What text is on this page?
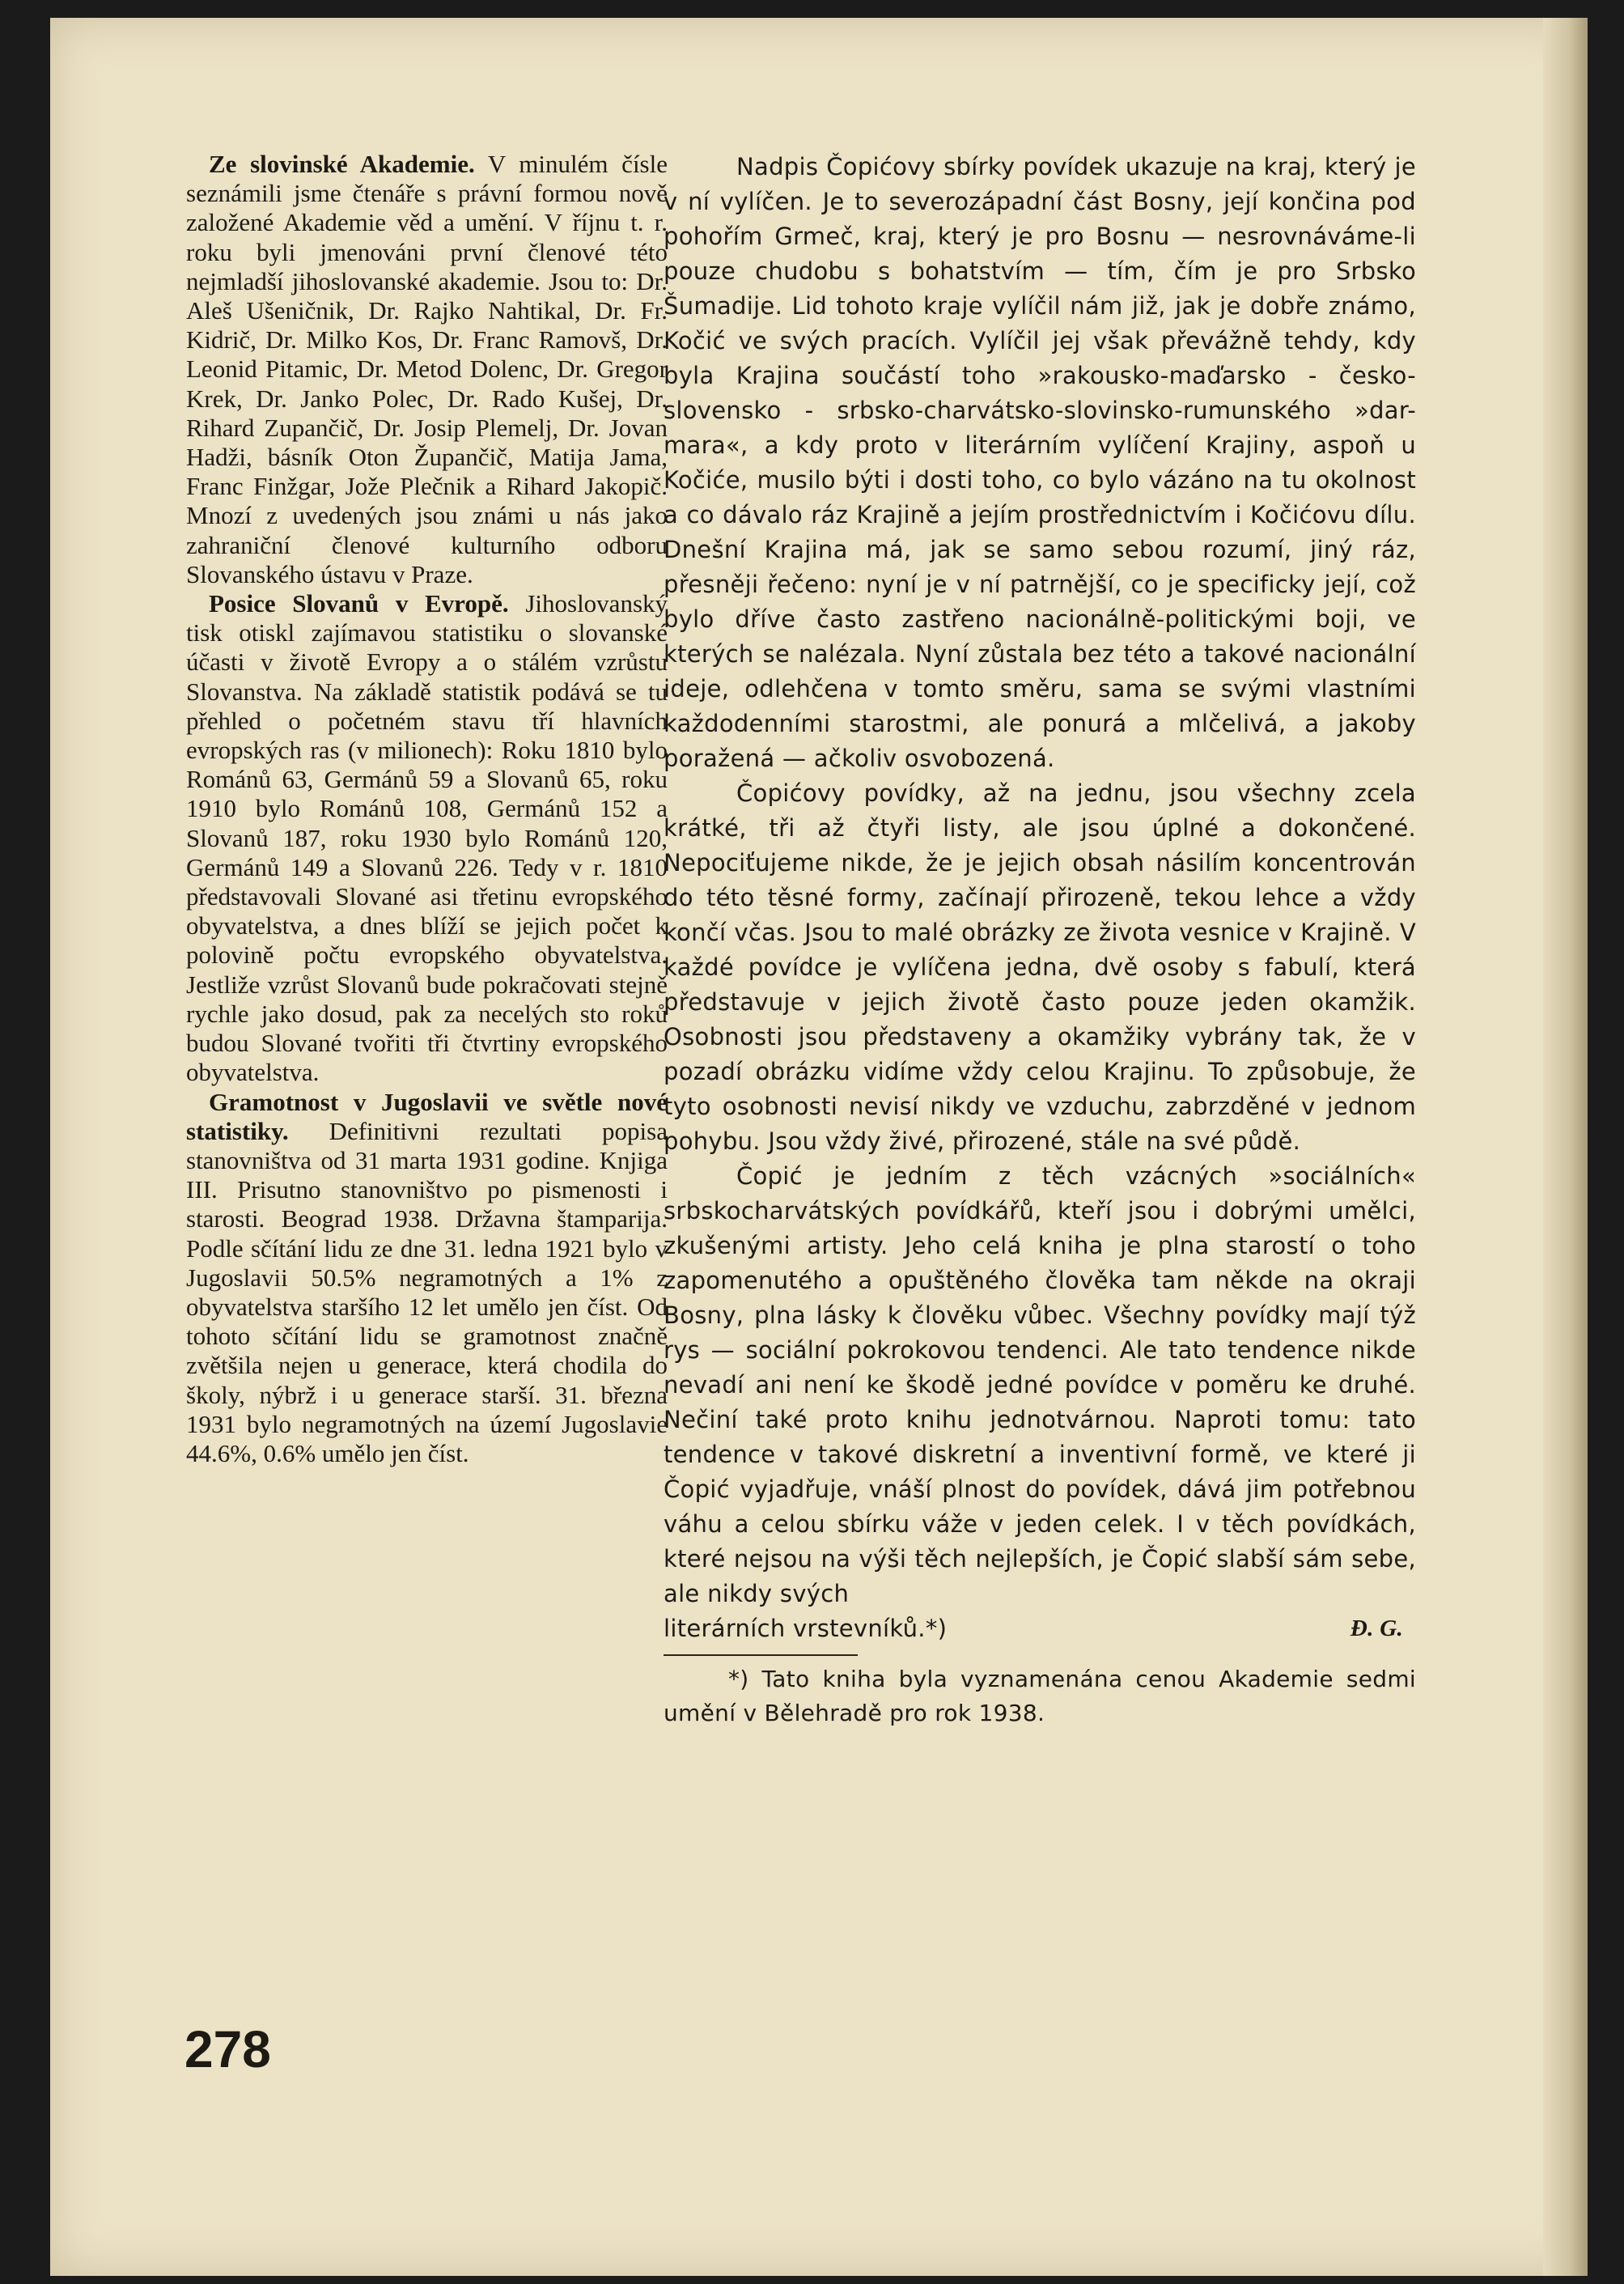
Ze slovinské Akademie. V minulém čísle seznámili jsme čtenáře s právní formou nově založené Akademie věd a umění. V říjnu t. r. roku byli jmenováni první členové této nejmladší jihoslovanské akademie. Jsou to: Dr. Aleš Ušeničnik, Dr. Rajko Nahtikal, Dr. Fr. Kidrič, Dr. Milko Kos, Dr. Franc Ramovš, Dr. Leonid Pitamic, Dr. Metod Dolenc, Dr. Gregor Krek, Dr. Janko Polec, Dr. Rado Kušej, Dr. Rihard Zupančič, Dr. Josip Plemelj, Dr. Jovan Hadži, básník Oton Župančič, Matija Jama, Franc Finžgar, Jože Plečnik a Rihard Jakopič. Mnozí z uvedených jsou známi u nás jako zahraniční členové kulturního odboru Slovanského ústavu v Praze.

Posice Slovanů v Evropě. Jihoslovanský tisk otiskl zajímavou statistiku o slovanské účasti v životě Evropy a o stálém vzrůstu Slovanstva. Na základě statistik podává se tu přehled o početném stavu tří hlavních evropských ras (v milionech): Roku 1810 bylo Románů 63, Germánů 59 a Slovanů 65, roku 1910 bylo Románů 108, Germánů 152 a Slovanů 187, roku 1930 bylo Románů 120, Germánů 149 a Slovanů 226. Tedy v r. 1810 představovali Slované asi třetinu evropského obyvatelstva, a dnes blíží se jejich počet k polovině počtu evropského obyvatelstva. Jestliže vzrůst Slovanů bude pokračovati stejně rychle jako dosud, pak za necelých sto roků budou Slované tvořiti tři čtvrtiny evropského obyvatelstva.

Gramotnost v Jugoslavii ve světle nové statistiky. Definitivni rezultati popisa stanovništva od 31 marta 1931 godine. Knjiga III. Prisutno stanovništvo po pismenosti i starosti. Beograd 1938. Državna štamparija. Podle sčítání lidu ze dne 31. ledna 1921 bylo v Jugoslavii 50.5% negramotných a 1% z obyvatelstva staršího 12 let umělo jen číst. Od tohoto sčítání lidu se gramotnost značně zvětšila nejen u generace, která chodila do školy, nýbrž i u generace starší. 31. března 1931 bylo negramotných na území Jugoslavie 44.6%, 0.6% umělo jen číst.

Nadpis Čopićovy sbírky povídek ukazuje na kraj, který je v ní vylíčen. Je to severozápadní část Bosny, její končina pod pohořím Grmeč, kraj, který je pro Bosnu — nesrovnáváme-li pouze chudobu s bohatstvím — tím, čím je pro Srbsko Šumadije. Lid tohoto kraje vylíčil nám již, jak je dobře známo, Kočić ve svých pracích. Vylíčil jej však převážně tehdy, kdy byla Krajina součástí toho »rakousko-maďarsko - česko-slovensko - srbsko-charvátsko-slovinsko-rumunského »dar-mara«, a kdy proto v literárním vylíčení Krajiny, aspoň u Kočiće, musilo býti i dosti toho, co bylo vázáno na tu okolnost a co dávalo ráz Krajině a jejím prostřednictvím i Kočićovu dílu. Dnešní Krajina má, jak se samo sebou rozumí, jiný ráz, přesněji řečeno: nyní je v ní patrnější, co je specificky její, což bylo dříve často zastřeno nacionálně-politickými boji, ve kterých se nalézala. Nyní zůstala bez této a takové nacionální ideje, odlehčena v tomto směru, sama se svými vlastními každodenními starostmi, ale ponurá a mlčelivá, a jakoby poražená — ačkoliv osvobozená.

Čopićovy povídky, až na jednu, jsou všechny zcela krátké, tři až čtyři listy, ale jsou úplné a dokončené. Nepociťujeme nikde, že je jejich obsah násilím koncentrován do této těsné formy, začínají přirozeně, tekou lehce a vždy končí včas. Jsou to malé obrázky ze života vesnice v Krajině. V každé povídce je vylíčena jedna, dvě osoby s fabulí, která představuje v jejich životě často pouze jeden okamžik. Osobnosti jsou představeny a okamžiky vybrány tak, že v pozadí obrázku vidíme vždy celou Krajinu. To způsobuje, že tyto osobnosti nevisí nikdy ve vzduchu, zabrzděné v jednom pohybu. Jsou vždy živé, přirozené, stále na své půdě.

Čopić je jedním z těch vzácných »sociálních« srbskocharvátských povídkářů, kteří jsou i dobrými umělci, zkušenými artisty. Jeho celá kniha je plna starostí o toho zapomenutého a opuštěného člověka tam někde na okraji Bosny, plna lásky k člověku vůbec. Všechny povídky mají týž rys — sociální pokrokovou tendenci. Ale tato tendence nikde nevadí ani není ke škodě jedné povídce v poměru ke druhé. Nečiní také proto knihu jednotvárnou. Naproti tomu: tato tendence v takové diskretní a inventivní formě, ve které ji Čopić vyjadřuje, vnáší plnost do povídek, dává jim potřebnou váhu a celou sbírku váže v jeden celek. I v těch povídkách, které nejsou na výši těch nejlepších, je Čopić slabší sám sebe, ale nikdy svých

literárních vrstevníků.*)	Đ. G.

*) Tato kniha byla vyznamenána cenou Akademie sedmi umění v Bělehradě pro rok 1938.

278
